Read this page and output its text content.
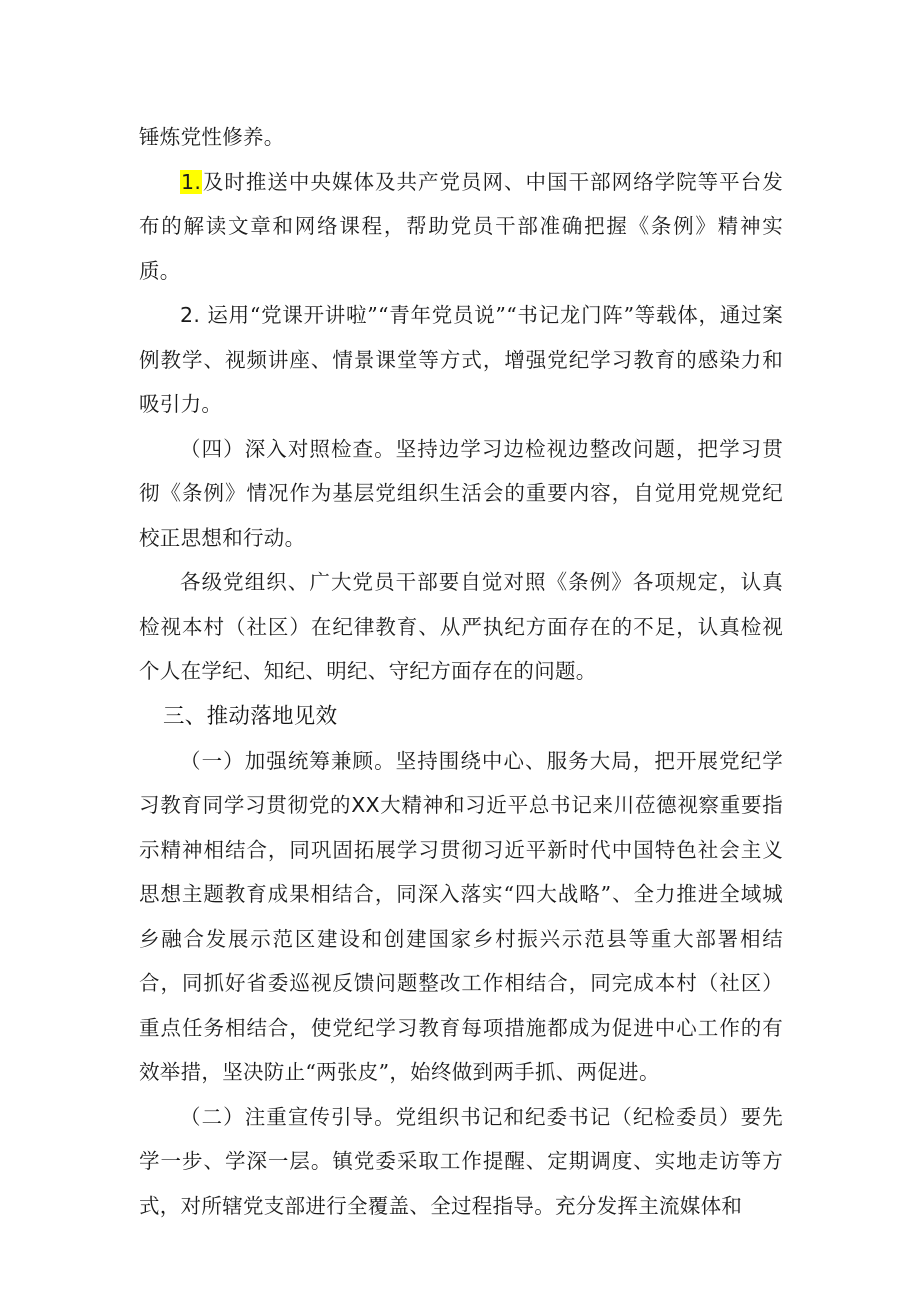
锤炼党性修养。

1.及时推送中央媒体及共产党员网、中国干部网络学院等平台发布的解读文章和网络课程，帮助党员干部准确把握《条例》精神实质。

2. 运用“党课开讲啦”“青年党员说”“书记龙门阵”等载体，通过案例教学、视频讲座、情景课堂等方式，增强党纪学习教育的感染力和吸引力。

（四）深入对照检查。坚持边学习边检视边整改问题，把学习贯彻《条例》情况作为基层党组织生活会的重要内容，自觉用党规党纪校正思想和行动。

各级党组织、广大党员干部要自觉对照《条例》各项规定，认真检视本村（社区）在纪律教育、从严执纪方面存在的不足，认真检视个人在学纪、知纪、明纪、守纪方面存在的问题。

三、推动落地见效

（一）加强统筹兼顾。坚持围绕中心、服务大局，把开展党纪学习教育同学习贯彻党的XX大精神和习近平总书记来川莅德视察重要指示精神相结合，同巩固拓展学习贯彻习近平新时代中国特色社会主义思想主题教育成果相结合，同深入落实“四大战略”、全力推进全域城乡融合发展示范区建设和创建国家乡村振兴示范县等重大部署相结合，同抓好省委巡视反馈问题整改工作相结合，同完成本村（社区）重点任务相结合，使党纪学习教育每项措施都成为促进中心工作的有效举措，坚决防止“两张皮”，始终做到两手抓、两促进。

（二）注重宣传引导。党组织书记和纪委书记（纪检委员）要先学一步、学深一层。镇党委采取工作提醒、定期调度、实地走访等方式，对所辖党支部进行全覆盖、全过程指导。充分发挥主流媒体和
